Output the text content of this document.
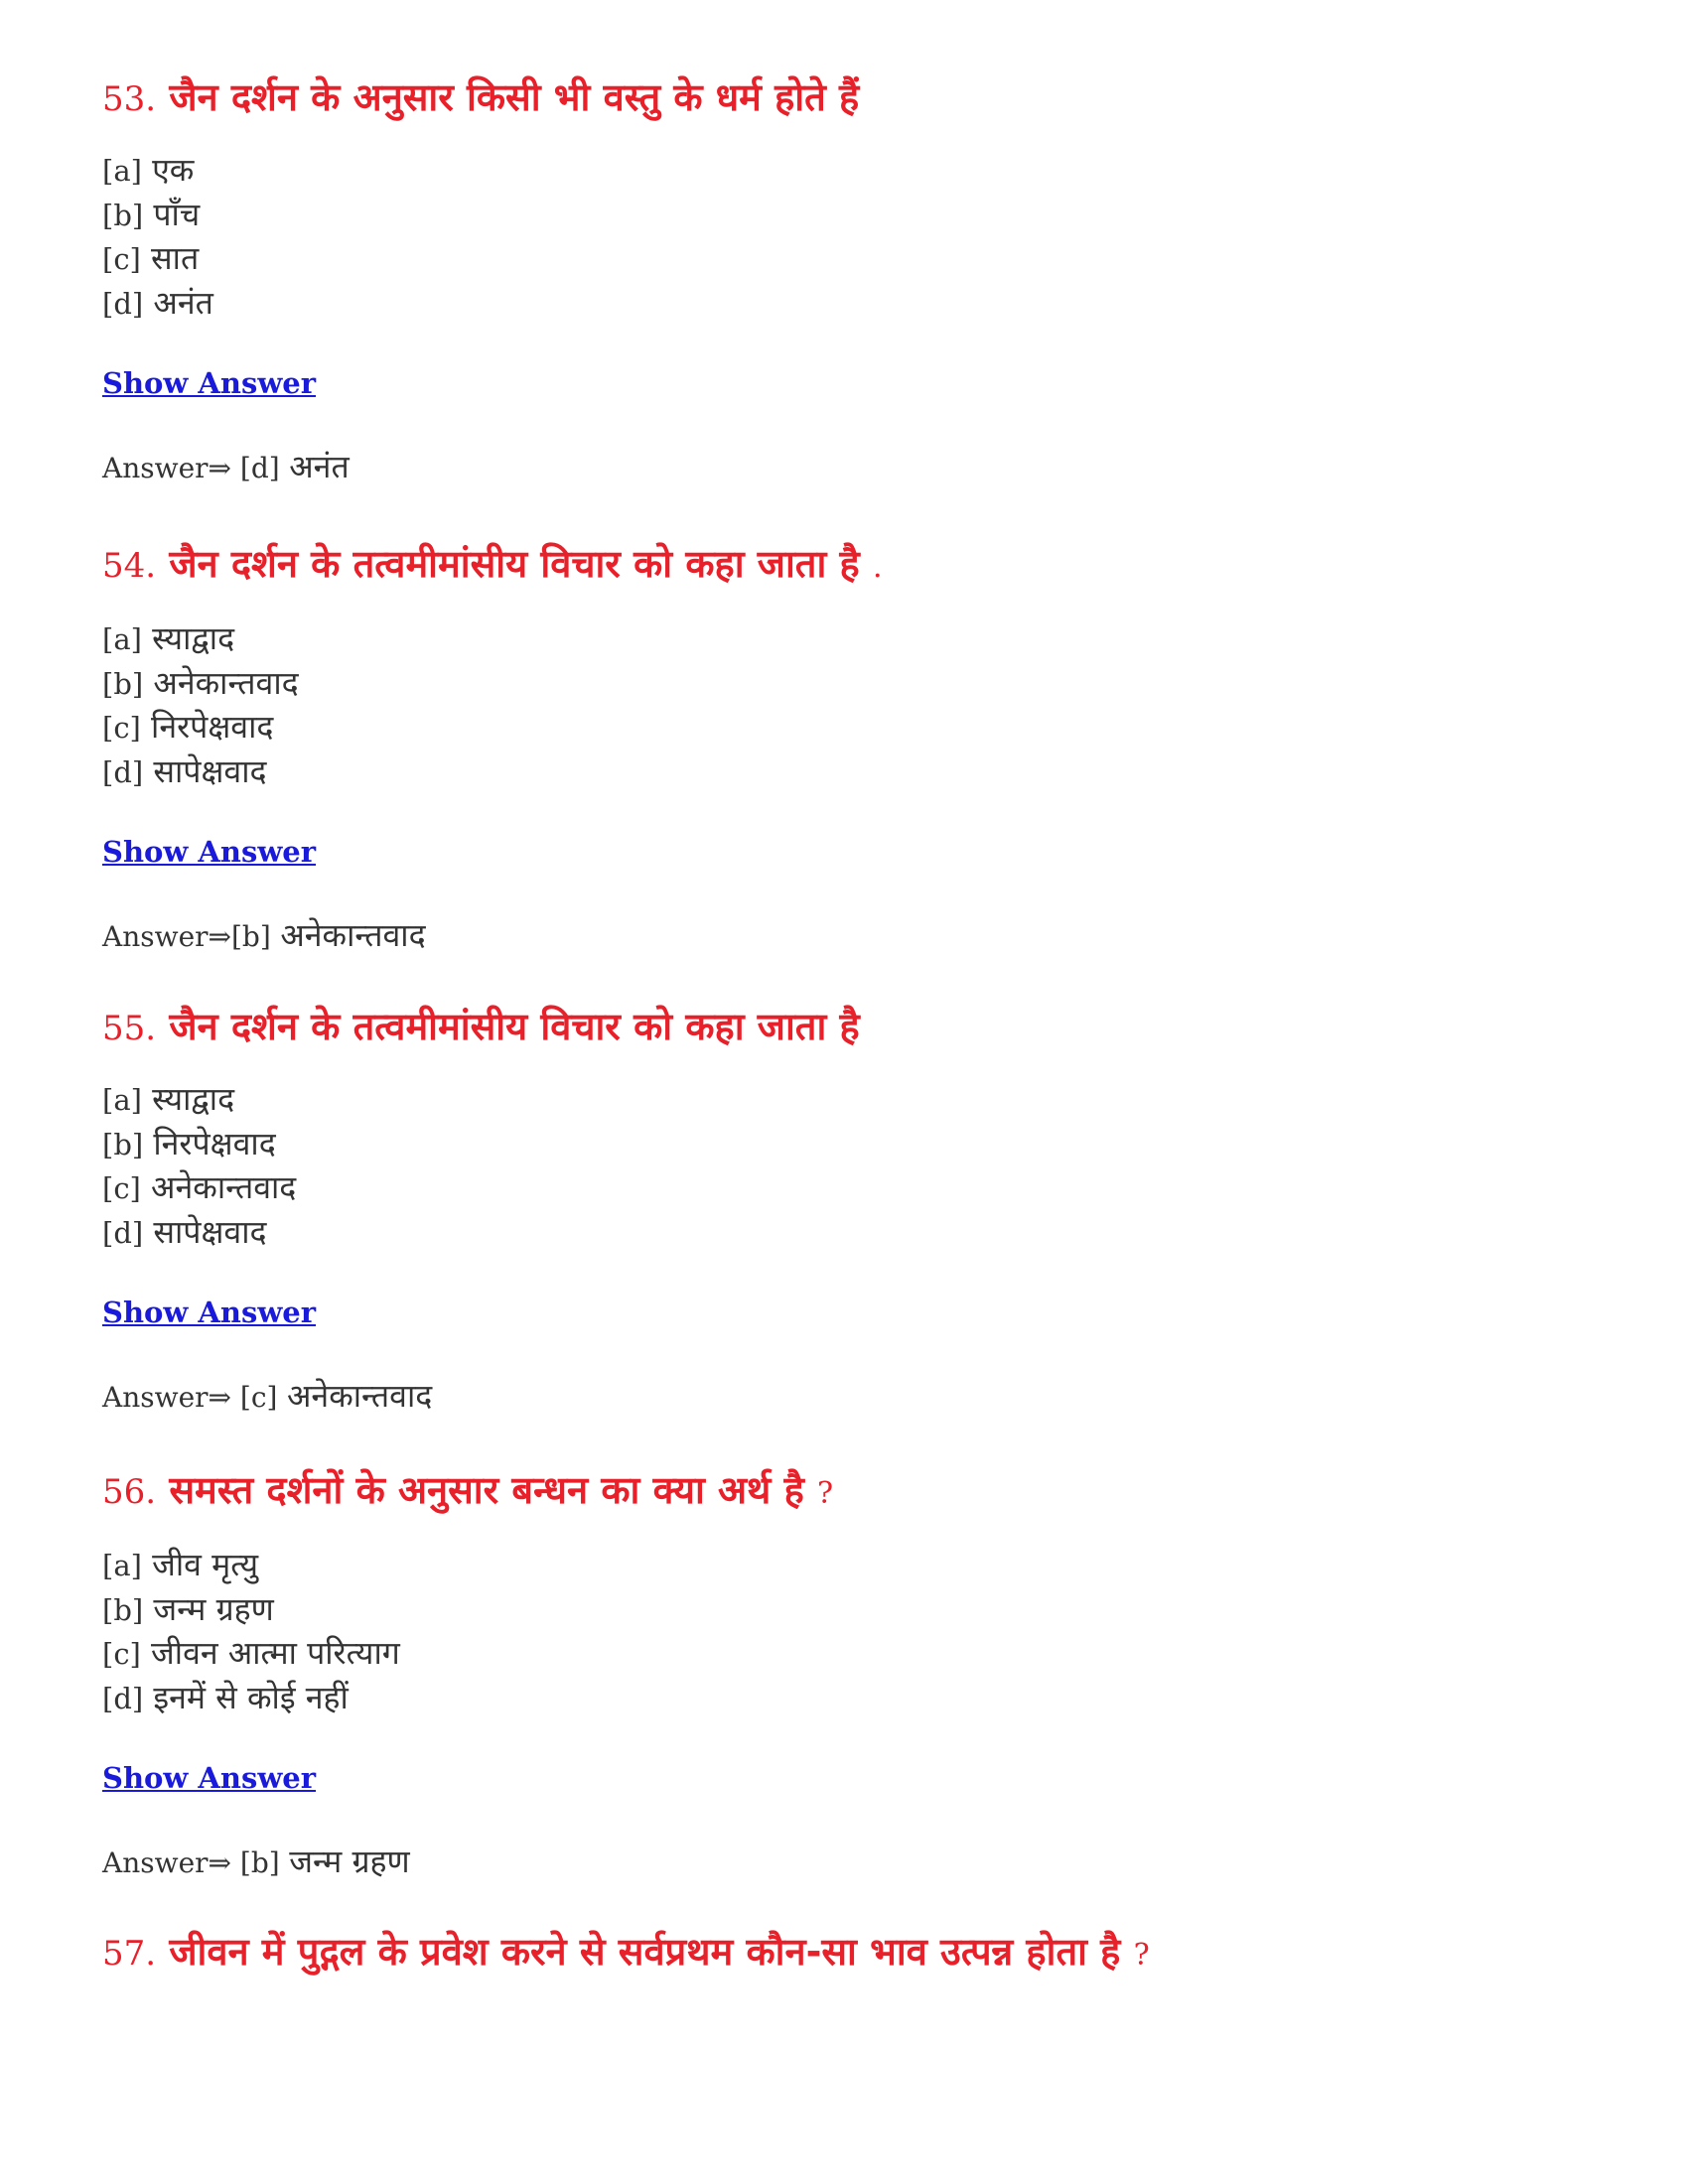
53. जैन दर्शन के अनुसार किसी भी वस्तु के धर्म होते हैं
[a] एक
[b] पाँच
[c] सात
[d] अनंत
Show Answer
Answer⇒ [d] अनंत
54. जैन दर्शन के तत्वमीमांसीय विचार को कहा जाता है .
[a] स्याद्वाद
[b] अनेकान्तवाद
[c] निरपेक्षवाद
[d] सापेक्षवाद
Show Answer
Answer⇒[b] अनेकान्तवाद
55. जैन दर्शन के तत्वमीमांसीय विचार को कहा जाता है
[a] स्याद्वाद
[b] निरपेक्षवाद
[c] अनेकान्तवाद
[d] सापेक्षवाद
Show Answer
Answer⇒ [c] अनेकान्तवाद
56. समस्त दर्शनों के अनुसार बन्धन का क्या अर्थ है ?
[a] जीव मृत्यु
[b] जन्म ग्रहण
[c] जीवन आत्मा परित्याग
[d] इनमें से कोई नहीं
Show Answer
Answer⇒ [b] जन्म ग्रहण
57. जीवन में पुद्गल के प्रवेश करने से सर्वप्रथम कौन-सा भाव उत्पन्न होता है ?
